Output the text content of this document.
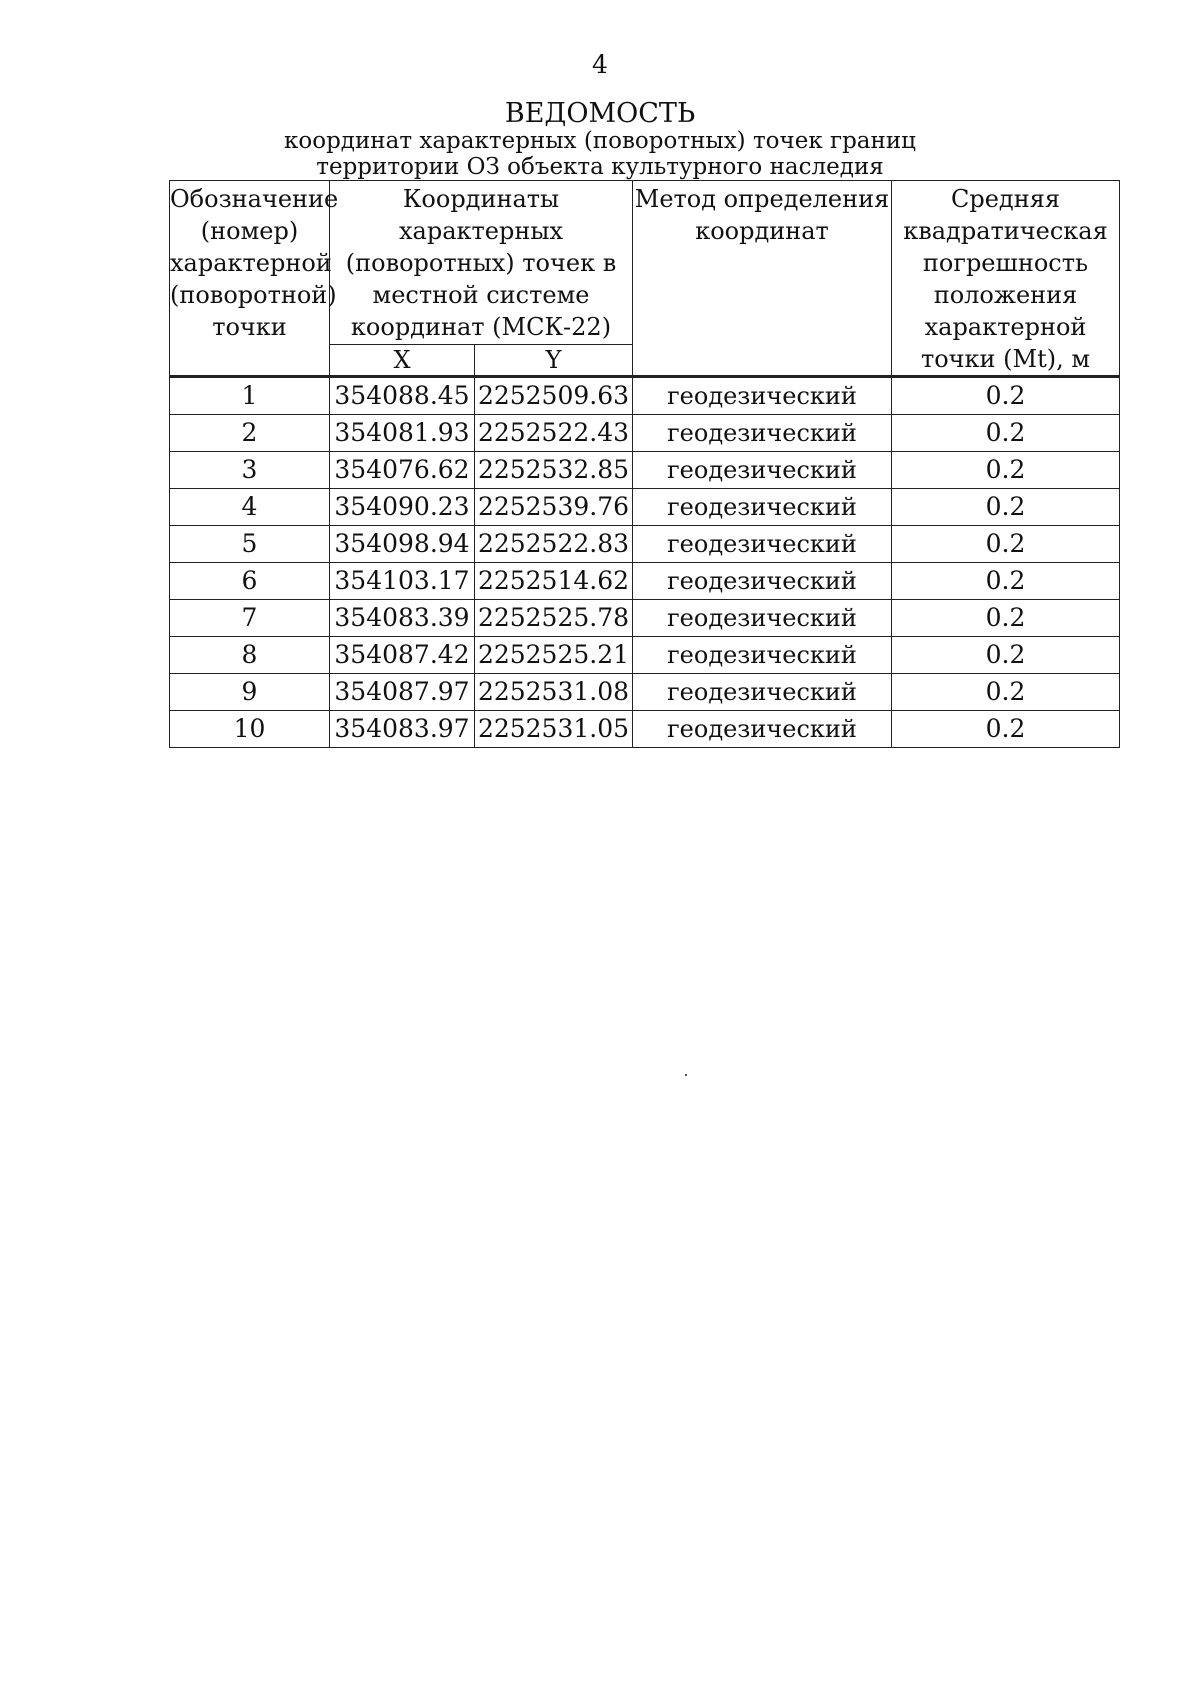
4
ВЕДОМОСТЬ
координат характерных (поворотных) точек границ
территории ОЗ объекта культурного наследия
Обозначение (номер) характерной (поворотной) точки	Координаты характерных (поворотных) точек в местной системе координат (МСК-22)		Метод определения координат	Средняя квадратическая погрешность положения характерной точки (Mt), м
	X	Y		
1	354088.45	2252509.63	геодезический	0.2
2	354081.93	2252522.43	геодезический	0.2
3	354076.62	2252532.85	геодезический	0.2
4	354090.23	2252539.76	геодезический	0.2
5	354098.94	2252522.83	геодезический	0.2
6	354103.17	2252514.62	геодезический	0.2
7	354083.39	2252525.78	геодезический	0.2
8	354087.42	2252525.21	геодезический	0.2
9	354087.97	2252531.08	геодезический	0.2
10	354083.97	2252531.05	геодезический	0.2
